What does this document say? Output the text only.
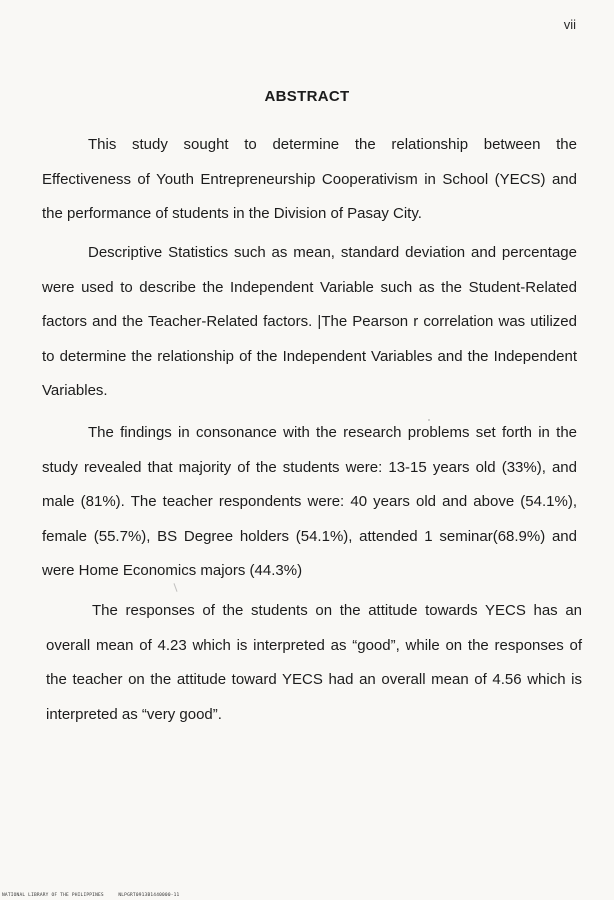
vii
ABSTRACT

This study sought to determine the relationship between the Effectiveness of Youth Entrepreneurship Cooperativism in School (YECS) and the performance of students in the Division of Pasay City.

Descriptive Statistics such as mean, standard deviation and percentage were used to describe the Independent Variable such as the Student-Related factors and the Teacher-Related factors. |The Pearson r correlation was utilized to determine the relationship of the Independent Variables and the Independent Variables.

The findings in consonance with the research problems set forth in the study revealed that majority of the students were: 13-15 years old (33%), and male (81%). The teacher respondents were: 40 years old and above (54.1%), female (55.7%), BS Degree holders (54.1%), attended 1 seminar(68.9%) and were Home Economics majors (44.3%)

The responses of the students on the attitude towards YECS has an overall mean of 4.23 which is interpreted as “good”, while on the responses of the teacher on the attitude toward YECS had an overall mean of 4.56 which is interpreted as “very good”.

NATIONAL LIBRARY OF THE PHILIPPINES     NLPGRT0913B1440000-11
